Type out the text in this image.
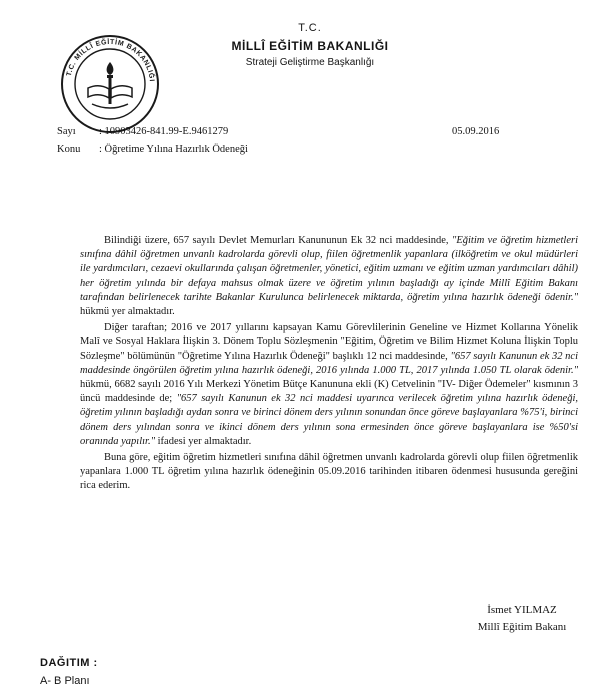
T.C. MİLLÎ EĞİTİM BAKANLIĞI
T.C.
MİLLÎ EĞİTİM BAKANLIĞI
Strateji Geliştirme Başkanlığı
Sayı : 10903426-841.99-E.9461279
Konu : Öğretime Yılına Hazırlık Ödeneği
05.09.2016

Bilindiği üzere, 657 sayılı Devlet Memurları Kanununun Ek 32 nci maddesinde, "Eğitim ve öğretim hizmetleri sınıfına dâhil öğretmen unvanlı kadrolarda görevli olup, fiilen öğretmenlik yapanlara (ilköğretim ve okul müdürleri ile yardımcıları, cezaevi okullarında çalışan öğretmenler, yönetici, eğitim uzmanı ve eğitim uzman yardımcıları dâhil) her öğretim yılında bir defaya mahsus olmak üzere ve öğretim yılının başladığı ay içinde Millî Eğitim Bakanı tarafından belirlenecek tarihte Bakanlar Kurulunca belirlenecek miktarda, öğretim yılına hazırlık ödeneği ödenir." hükmü yer almaktadır.

Diğer taraftan; 2016 ve 2017 yıllarını kapsayan Kamu Görevlilerinin Geneline ve Hizmet Kollarına Yönelik Malî ve Sosyal Haklara İlişkin 3. Dönem Toplu Sözleşmenin "Eğitim, Öğretim ve Bilim Hizmet Koluna İlişkin Toplu Sözleşme" bölümünün "Öğretime Yılına Hazırlık Ödeneği" başlıklı 12 nci maddesinde, "657 sayılı Kanunun ek 32 nci maddesinde öngörülen öğretim yılına hazırlık ödeneği, 2016 yılında 1.000 TL, 2017 yılında 1.050 TL olarak ödenir." hükmü, 6682 sayılı 2016 Yılı Merkezi Yönetim Bütçe Kanununa ekli (K) Cetvelinin "IV- Diğer Ödemeler" kısmının 3 üncü maddesinde de; "657 sayılı Kanunun ek 32 nci maddesi uyarınca verilecek öğretim yılına hazırlık ödeneği, öğretim yılının başladığı aydan sonra ve birinci dönem ders yılının sonundan önce göreve başlayanlara %75'i, birinci dönem ders yılından sonra ve ikinci dönem ders yılının sona ermesinden önce göreve başlayanlara ise %50'si oranında yapılır." ifadesi yer almaktadır.

Buna göre, eğitim öğretim hizmetleri sınıfına dâhil öğretmen unvanlı kadrolarda görevli olup fiilen öğretmenlik yapanlara 1.000 TL öğretim yılına hazırlık ödeneğinin 05.09.2016 tarihinden itibaren ödenmesi hususunda gereğini rica ederim.

İsmet YILMAZ
Millî Eğitim Bakanı
DAĞITIM :
A- B Planı
